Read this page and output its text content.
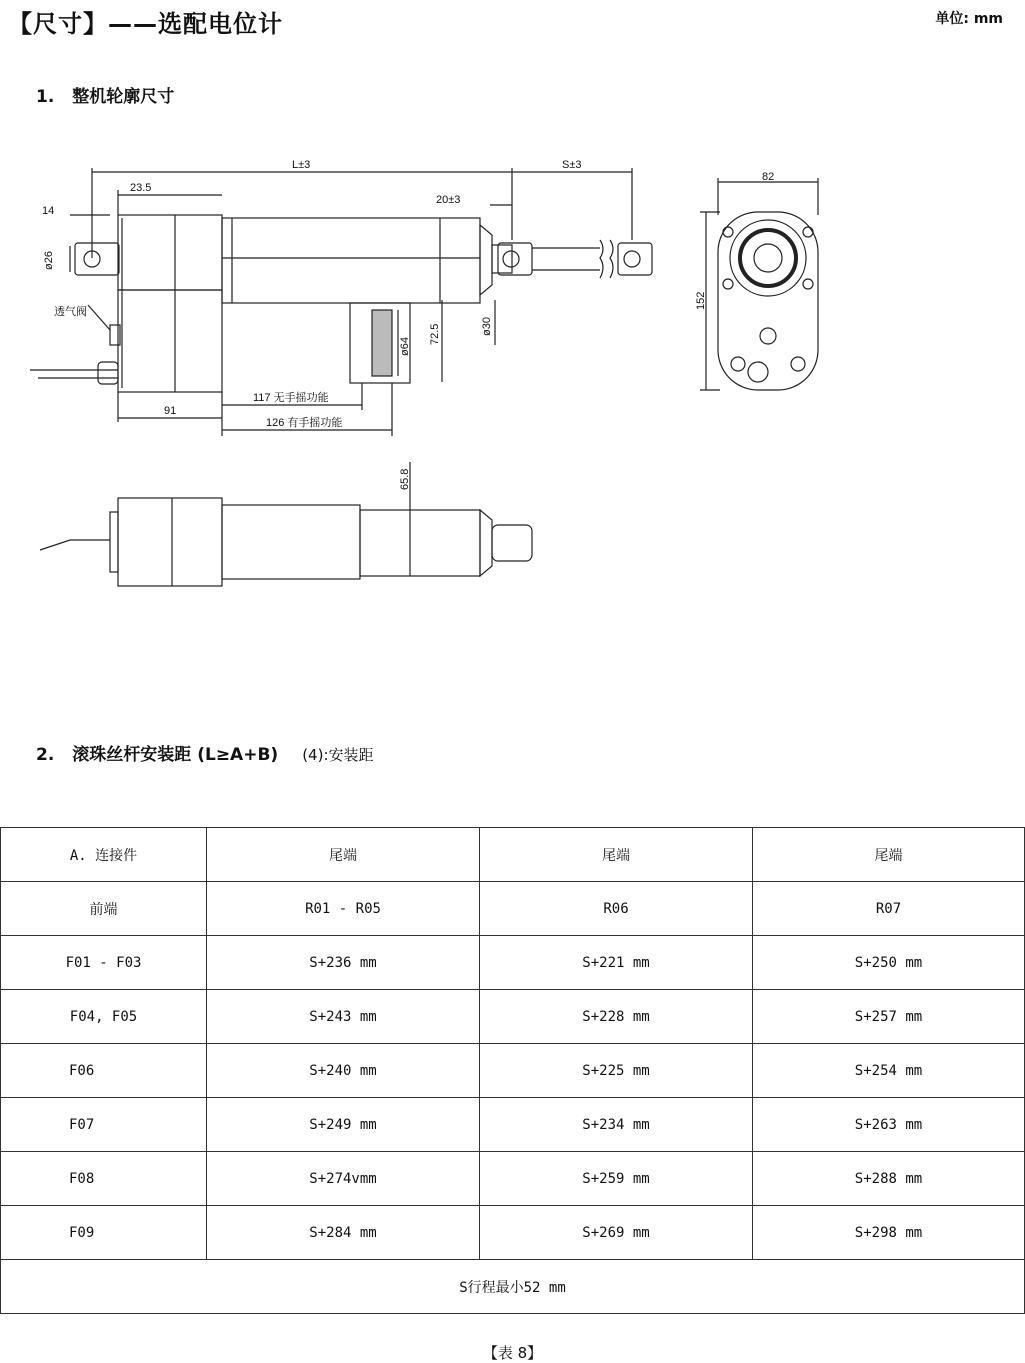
【尺寸】——选配电位计	单位: mm
1. 整机轮廓尺寸
L±3	S±3
23.5
20±3
14
ø26
透气阀
72.5	ø30
ø64
117 无手摇功能
91
126 有手摇功能
82
152
65.8
2. 滚珠丝杆安装距 (L≥A+B) (4):安装距
A. 连接件	尾端	尾端	尾端
前端	R01 - R05	R06	R07
F01 - F03	S+236 mm	S+221 mm	S+250 mm
F04, F05	S+243 mm	S+228 mm	S+257 mm
F06	S+240 mm	S+225 mm	S+254 mm
F07	S+249 mm	S+234 mm	S+263 mm
F08	S+274vmm	S+259 mm	S+288 mm
F09	S+284 mm	S+269 mm	S+298 mm
S行程最小52 mm			
【表 8】
